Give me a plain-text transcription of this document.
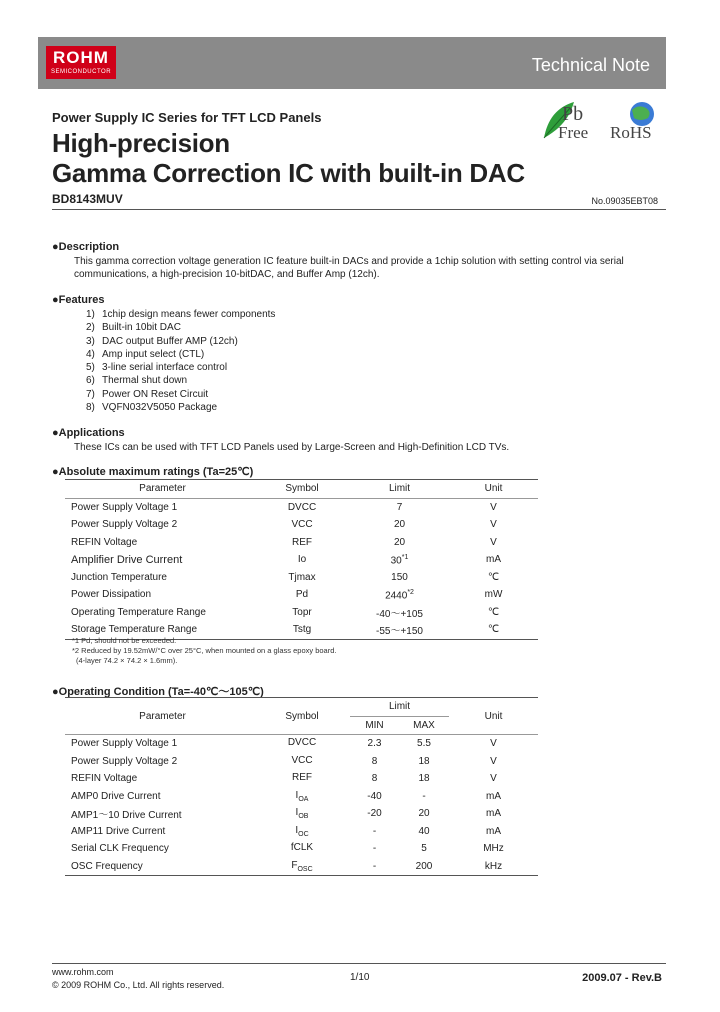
ROHM
SEMICONDUCTOR	Technical Note
Pb
Free RoHS
Power Supply IC Series for TFT LCD Panels
High-precision
Gamma Correction IC with built-in DAC
BD8143MUV	No.09035EBT08
●Description
This gamma correction voltage generation IC feature built-in DACs and provide a 1chip solution with setting control via serial
communications, a high-precision 10-bitDAC, and Buffer Amp (12ch).
●Features
1) 1chip design means fewer components
2) Built-in 10bit DAC
3) DAC output Buffer AMP (12ch)
4) Amp input select (CTL)
5) 3-line serial interface control
6) Thermal shut down
7) Power ON Reset Circuit
8) VQFN032V5050 Package
●Applications
These ICs can be used with TFT LCD Panels used by Large-Screen and High-Definition LCD TVs.
●Absolute maximum ratings (Ta=25℃)
Parameter	Symbol	Limit	Unit
Power Supply Voltage 1	DVCC	7	V
Power Supply Voltage 2	VCC	20	V
REFIN Voltage	REF	20	V
Amplifier Drive Current	Io	30$^{*1}$	mA
Junction Temperature	Tjmax	150	℃
Power Dissipation	Pd	2440$^{*2}$	mW
Operating Temperature Range	Topr	-40～+105	℃
Storage Temperature Range	Tstg	-55～+150	℃
*1 Pd, should not be exceeded.
*2 Reduced by 19.52mW/°C over 25°C, when mounted on a glass epoxy board.
(4-layer 74.2 × 74.2 × 1.6mm).
●Operating Condition (Ta=-40℃～105℃)
Parameter	Symbol	Limit		Unit
		MIN	MAX	
Power Supply Voltage 1	DVCC	2.3	5.5	V
Power Supply Voltage 2	VCC	8	18	V
REFIN Voltage	REF	8	18	V
AMP0 Drive Current	$I_{OA}$	-40	-	mA
AMP1～10 Drive Current	$I_{OB}$	-20	20	mA
AMP11 Drive Current	$I_{OC}$	-	40	mA
Serial CLK Frequency	fCLK	-	5	MHz
OSC Frequency	$F_{OSC}$	-	200	kHz
www.rohm.com
© 2009 ROHM Co., Ltd. All rights reserved.
1/10	2009.07 - Rev.B
